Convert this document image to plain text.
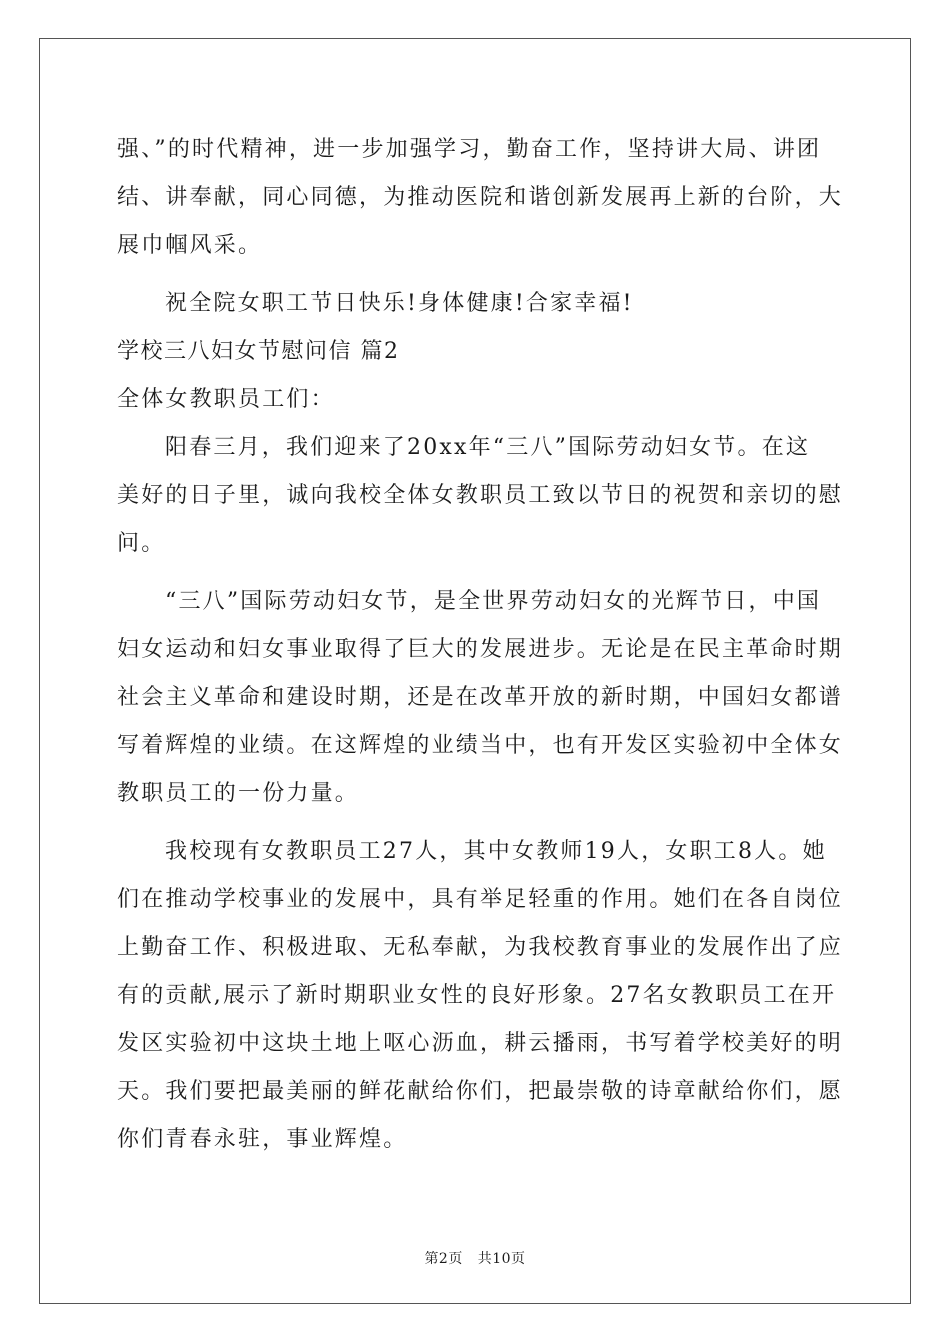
强、”的时代精神，进一步加强学习，勤奋工作，坚持讲大局、讲团
结、讲奉献，同心同德，为推动医院和谐创新发展再上新的台阶，大
展巾帼风采。
祝全院女职工节日快乐!身体健康!合家幸福!
学校三八妇女节慰问信 篇2
全体女教职员工们：
阳春三月，我们迎来了20xx年“三八”国际劳动妇女节。在这
美好的日子里，诚向我校全体女教职员工致以节日的祝贺和亲切的慰
问。
“三八”国际劳动妇女节，是全世界劳动妇女的光辉节日，中国
妇女运动和妇女事业取得了巨大的发展进步。无论是在民主革命时期
社会主义革命和建设时期，还是在改革开放的新时期，中国妇女都谱
写着辉煌的业绩。在这辉煌的业绩当中，也有开发区实验初中全体女
教职员工的一份力量。
我校现有女教职员工27人，其中女教师19人，女职工8人。她
们在推动学校事业的发展中，具有举足轻重的作用。她们在各自岗位
上勤奋工作、积极进取、无私奉献，为我校教育事业的发展作出了应
有的贡献,展示了新时期职业女性的良好形象。27名女教职员工在开
发区实验初中这块土地上呕心沥血，耕云播雨，书写着学校美好的明
天。我们要把最美丽的鲜花献给你们，把最崇敬的诗章献给你们，愿
你们青春永驻，事业辉煌。
第2页 共10页
